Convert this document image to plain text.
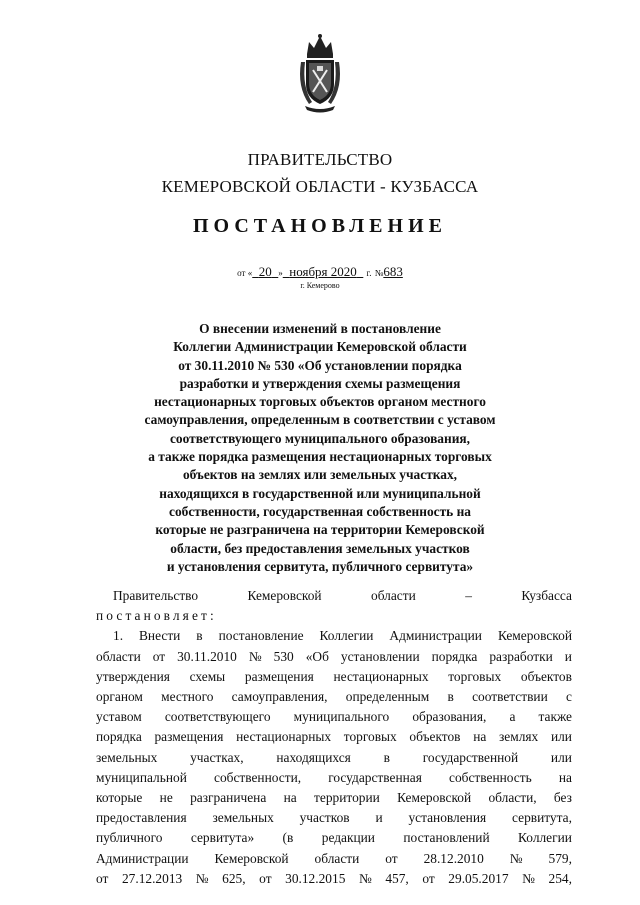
ПРАВИТЕЛЬСТВО
КЕМЕРОВСКОЙ ОБЛАСТИ - КУЗБАССА
ПОСТАНОВЛЕНИЕ
от « 20 » ноября 2020 г. №683
г. Кемерово
О внесении изменений в постановление
Коллегии Администрации Кемеровской области
от 30.11.2010 № 530 «Об установлении порядка
разработки и утверждения схемы размещения
нестационарных торговых объектов органом местного
самоуправления, определенным в соответствии с уставом
соответствующего муниципального образования,
а также порядка размещения нестационарных торговых
объектов на землях или земельных участках,
находящихся в государственной или муниципальной
собственности, государственная собственность на
которые не разграничена на территории Кемеровской
области, без предоставления земельных участков
и установления сервитута, публичного сервитута»
Правительство	Кемеровской	области	–	Кузбасса
постановляет:
1. Внести в постановление Коллегии Администрации Кемеровской
области от 30.11.2010 № 530 «Об установлении порядка разработки и
утверждения схемы размещения нестационарных торговых объектов
органом местного самоуправления, определенным в соответствии с
уставом соответствующего муниципального образования, а также
порядка размещения нестационарных торговых объектов на землях или
земельных участках, находящихся в государственной или
муниципальной собственности, государственная собственность на
которые не разграничена на территории Кемеровской области, без
предоставления земельных участков и установления сервитута,
публичного сервитута» (в редакции постановлений Коллегии
Администрации Кемеровской области от 28.12.2010 № 579,
от 27.12.2013 № 625, от 30.12.2015 № 457, от 29.05.2017 № 254,
